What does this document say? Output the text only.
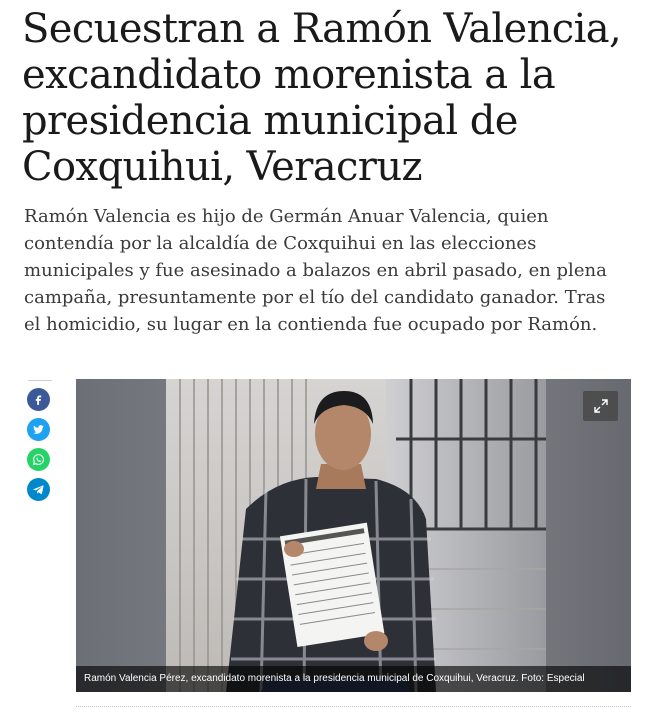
Secuestran a Ramón Valencia, excandidato morenista a la presidencia municipal de Coxquihui, Veracruz

Ramón Valencia es hijo de Germán Anuar Valencia, quien contendía por la alcaldía de Coxquihui en las elecciones municipales y fue asesinado a balazos en abril pasado, en plena campaña, presuntamente por el tío del candidato ganador. Tras el homicidio, su lugar en la contienda fue ocupado por Ramón.

Ramón Valencia Pérez, excandidato morenista a la presidencia municipal de Coxquihui, Veracruz. Foto: Especial
